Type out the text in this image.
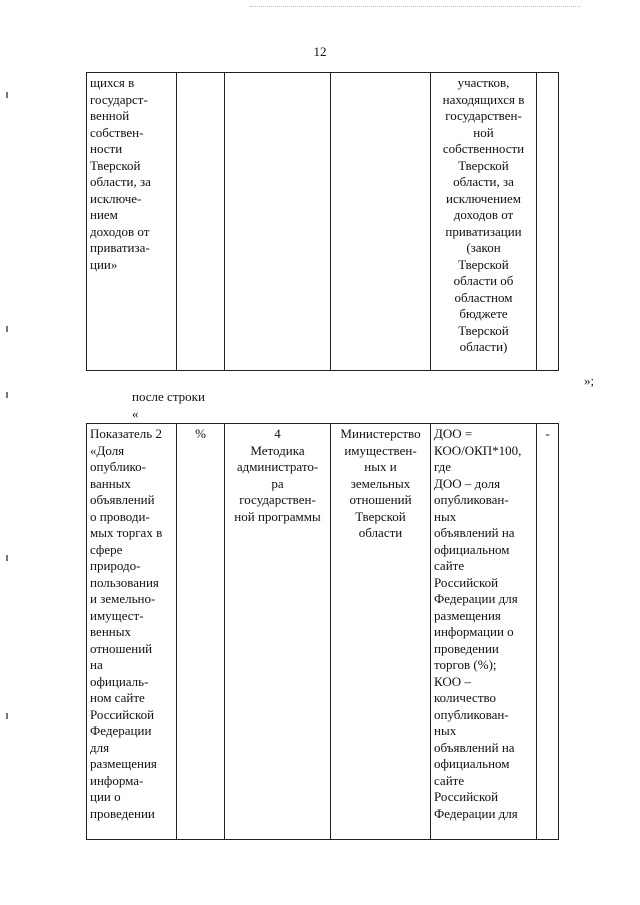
12
щихся в
государст-
венной
собствен-
ности
Тверской
области, за
исключе-
нием
доходов от
приватиза-
ции»				участков,
находящихся в
государствен-
ной
собственности
Тверской
области, за
исключением
доходов от
приватизации
(закон
Тверской
области об
областном
бюджете
Тверской
области)	
»;
после строки
«
Показатель 2
«Доля
опублико-
ванных
объявлений
о проводи-
мых торгах в
сфере
природо-
пользования
и земельно-
имущест-
венных
отношений
на
официаль-
ном сайте
Российской
Федерации
для
размещения
информа-
ции о
проведении	%	4
Методика
администрато-
ра
государствен-
ной программы	Министерство
имуществен-
ных и
земельных
отношений
Тверской
области	ДОО =
КОО/ОКП*100,
где
ДОО – доля
опубликован-
ных
объявлений на
официальном
сайте
Российской
Федерации для
размещения
информации о
проведении
торгов (%);
КОО –
количество
опубликован-
ных
объявлений на
официальном
сайте
Российской
Федерации для	-
